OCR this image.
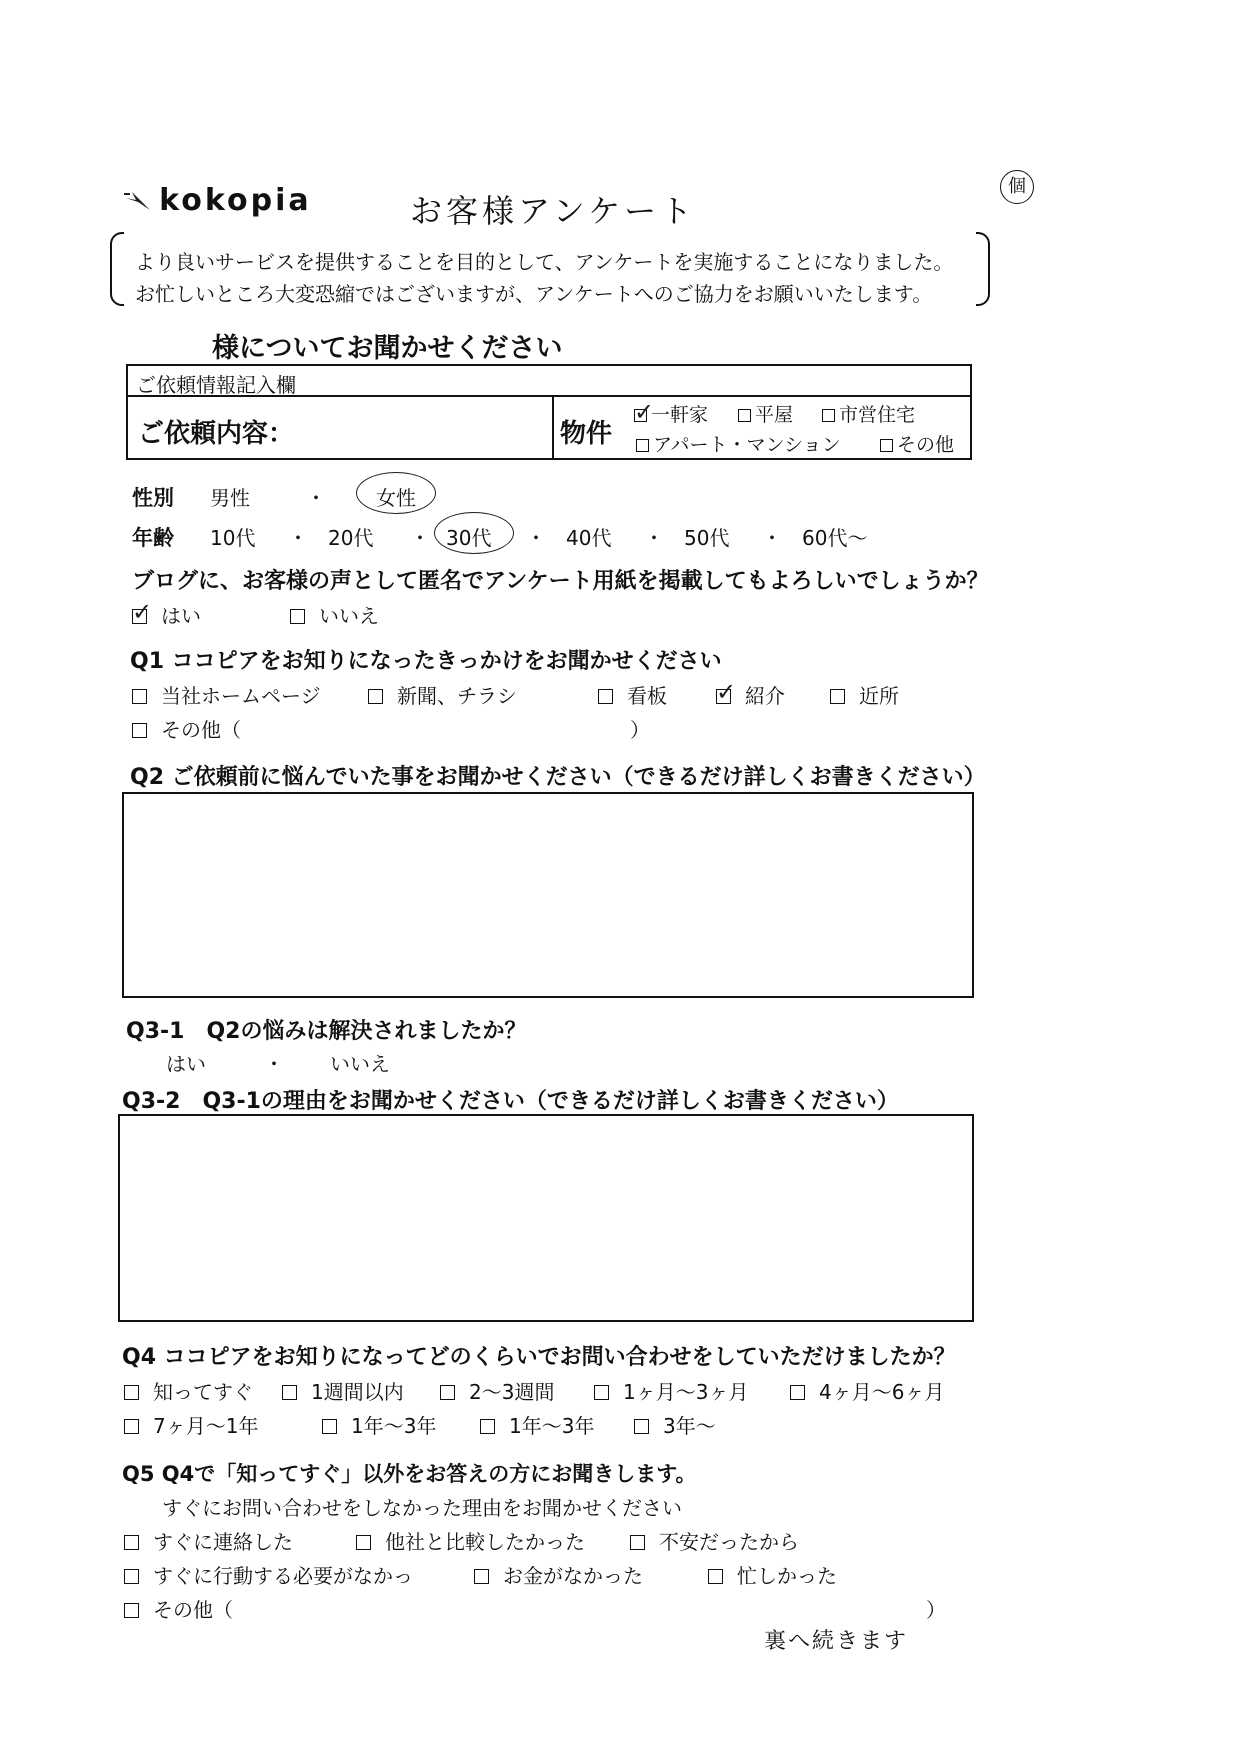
kokopia	お客様アンケート
個
より良いサービスを提供することを目的として、アンケートを実施することになりました。
お忙しいところ大変恐縮ではございますが、アンケートへのご協力をお願いいたします。
様についてお聞かせください
ご依頼情報記入欄
ご依頼内容：	物件
✓
一軒家	平屋	市営住宅
アパート・マンション	その他
性別 男性	・	女性
年齢 10代 ・ 20代 ・ 30代 ・ 40代 ・ 50代 ・ 60代～
ブログに、お客様の声として匿名でアンケート用紙を掲載してもよろしいでしょうか？
✓ はい	いいえ
Q1 ココピアをお知りになったきっかけをお聞かせください
当社ホームページ	新聞、チラシ	看板 ✓ 紹介	近所
その他（	）
Q2 ご依頼前に悩んでいた事をお聞かせください（できるだけ詳しくお書きください）
Q3-1　Q2の悩みは解決されましたか？
はい	・ いいえ
Q3-2　Q3-1の理由をお聞かせください（できるだけ詳しくお書きください）
Q4 ココピアをお知りになってどのくらいでお問い合わせをしていただけましたか？
知ってすぐ	1週間以内	2～3週間	1ヶ月～3ヶ月	4ヶ月～6ヶ月
7ヶ月～1年	1年～3年	1年～3年	3年～
Q5 Q4で「知ってすぐ」以外をお答えの方にお聞きします。
すぐにお問い合わせをしなかった理由をお聞かせください
すぐに連絡した	他社と比較したかった	不安だったから
すぐに行動する必要がなかっ	お金がなかった	忙しかった
その他（	）
裏へ続きます
